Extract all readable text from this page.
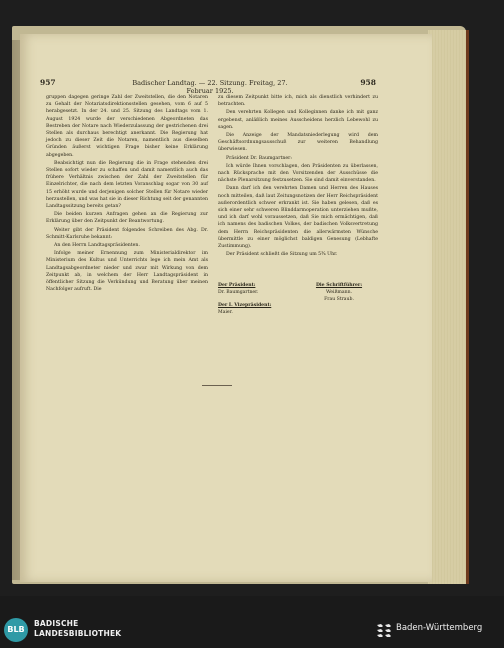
957	Badischer Landtag. — 22. Sitzung. Freitag, 27. Februar 1925.
958

gruppen dagegen geringe Zahl der Zweitstellen, die den Notaren zu Gehalt der Notariatsdirektionsstellen gesehen, vom 6 auf 5 herabgesetzt. In der 24. und 25. Sitzung des Landtags vom 1. August 1924 wurde der verschiedenen Abgeordneten das Bestreben der Notare nach Wiederzulassung der gestrichenen drei Stellen als durchaus berechtigt anerkannt. Die Regierung hat jedoch zu dieser Zeit die Notaren, namentlich aus dieselben Gründen äußerst wichtigen Frage bisher keine Erklärung abgegeben.

Beabsichtigt nun die Regierung die in Frage stehenden drei Stellen sofort wieder zu schaffen und damit namentlich auch das frühere Verhältnis zwischen der Zahl der Zweitstellen für Einzelrichter, die nach dem letzten Voranschlag sogar von 30 auf 15 erhöht wurde und derjenigen solcher Stellen für Notare wieder herzustellen, und was hat sie in dieser Richtung seit der genannten Landtagssitzung bereits getan?

Die beiden kurzen Anfragen gehen an die Regierung zur Erklärung über den Zeitpunkt der Beantwortung.

Weiter gibt der Präsident folgendes Schreiben des Abg. Dr. Schmitt-Karlsruhe bekannt:

An den Herrn Landtagspräsidenten.

Infolge meiner Ernennung zum Ministerialdirektor im Ministerium des Kultus und Unterrichts lege ich mein Amt als Landtagsabgeordneter nieder und zwar mit Wirkung von dem Zeitpunkt ab, in welchem der Herr Landtagspräsident in öffentlicher Sitzung die Verkündung und Beratung über meinen Nachfolger aufruft. Die

zu diesem Zeitpunkt bitte ich, mich als dienstlich verhindert zu betrachten.

Den verehrten Kollegen und Kolleginnen danke ich mit ganz ergebenst, anläßlich meines Ausscheidens herzlich Lebewohl zu sagen.

Die Anzeige der Mandatsniederlegung wird dem Geschäftsordnungsausschuß zur weiteren Behandlung überwiesen.

Präsident Dr. Baumgartner:

Ich würde Ihnen vorschlagen, den Präsidenten zu überlassen, nach Rücksprache mit den Vorsitzenden der Ausschüsse die nächste Plenarsitzung festzusetzen. Sie sind damit einverstanden.

Dann darf ich den verehrten Damen und Herren des Hauses noch mitteilen, daß laut Zeitungsnotizen der Herr Reichspräsident außerordentlich schwer erkrankt ist. Sie haben gelesen, daß es sich einer sehr schweren Blinddarmoperation unterziehen mußte, und ich darf wohl voraussetzen, daß Sie mich ermächtigen, daß ich namens des badischen Volkes, der badischen Volksvertretung dem Herrn Reichspräsidenten die allerwärmsten Wünsche übermittle zu einer möglichst baldigen Genesung (Lebhafte Zustimmung).

Der Präsident schließt die Sitzung um 5¾ Uhr.

Der Präsident:
Dr. Baumgartner.
Der I. Vizepräsident:
Maier.
Die Schriftführer:
Weißmann.
Frau Straub.
BLB
BADISCHE
LANDESBIBLIOTHEK
Baden-Württemberg
